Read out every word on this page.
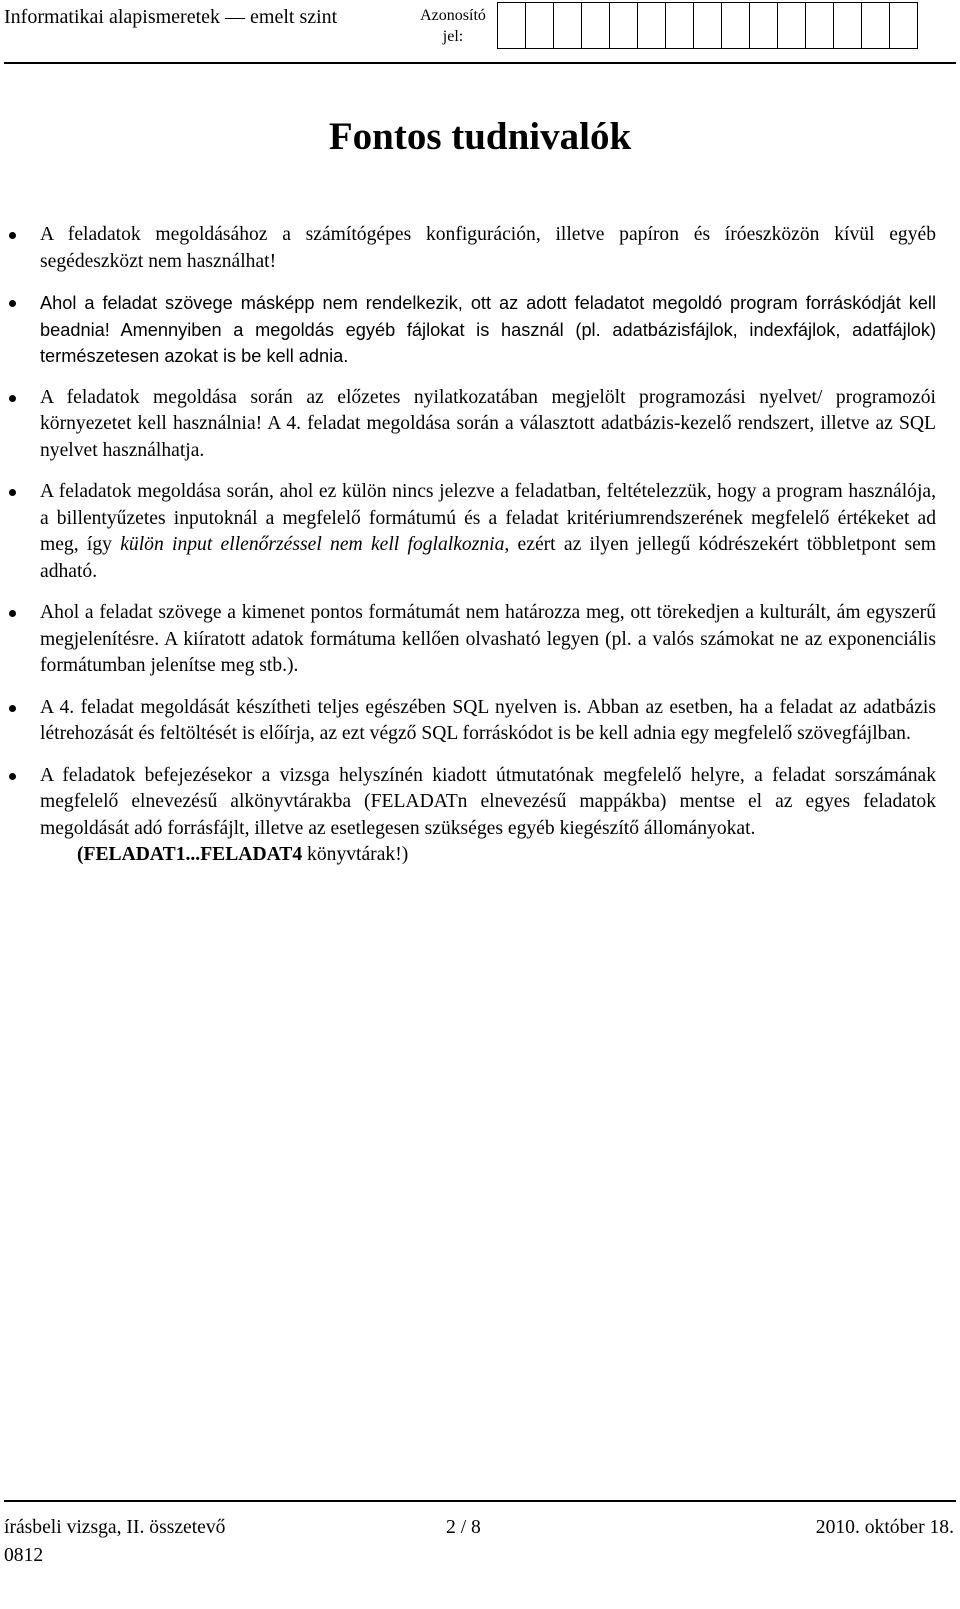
Informatikai alapismeretek — emelt szint	Azonosító jel:
Fontos tudnivalók
A feladatok megoldásához a számítógépes konfiguráción, illetve papíron és íróeszközön kívül egyéb segédeszközt nem használhat!
Ahol a feladat szövege másképp nem rendelkezik, ott az adott feladatot megoldó program forráskódját kell beadnia! Amennyiben a megoldás egyéb fájlokat is használ (pl. adatbázisfájlok, indexfájlok, adatfájlok) természetesen azokat is be kell adnia.
A feladatok megoldása során az előzetes nyilatkozatában megjelölt programozási nyelvet/ programozói környezetet kell használnia! A 4. feladat megoldása során a választott adatbázis-kezelő rendszert, illetve az SQL nyelvet használhatja.
A feladatok megoldása során, ahol ez külön nincs jelezve a feladatban, feltételezzük, hogy a program használója, a billentyűzetes inputoknál a megfelelő formátumú és a feladat kritériumrendszerének megfelelő értékeket ad meg, így külön input ellenőrzéssel nem kell foglalkoznia, ezért az ilyen jellegű kódrészekért többletpont sem adható.
Ahol a feladat szövege a kimenet pontos formátumát nem határozza meg, ott törekedjen a kulturált, ám egyszerű megjelenítésre. A kiíratott adatok formátuma kellően olvasható legyen (pl. a valós számokat ne az exponenciális formátumban jelenítse meg stb.).
A 4. feladat megoldását készítheti teljes egészében SQL nyelven is. Abban az esetben, ha a feladat az adatbázis létrehozását és feltöltését is előírja, az ezt végző SQL forráskódot is be kell adnia egy megfelelő szövegfájlban.
A feladatok befejezésekor a vizsga helyszínén kiadott útmutatónak megfelelő helyre, a feladat sorszámának megfelelő elnevezésű alkönyvtárakba (FELADATn elnevezésű mappákba) mentse el az egyes feladatok megoldását adó forrásfájlt, illetve az esetlegesen szükséges egyéb kiegészítő állományokat.
(FELADAT1...FELADAT4 könyvtárak!)
írásbeli vizsga, II. összetevő
0812
2 / 8	2010. október 18.
